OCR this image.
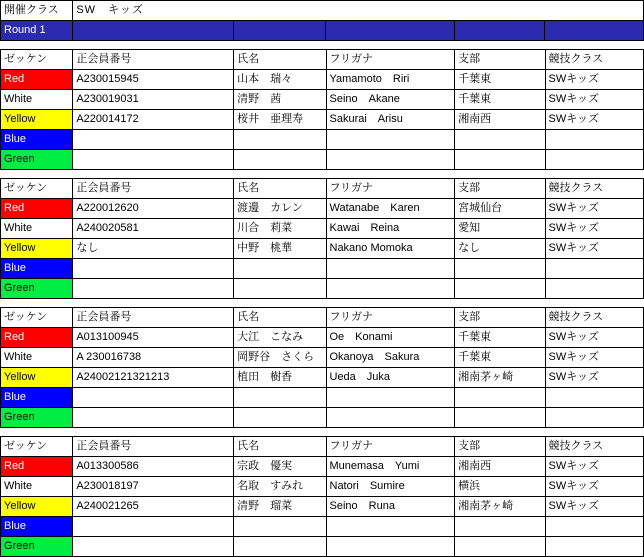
開催クラス	SW　キッズ				
Round 1					
ゼッケン	正会員番号	氏名	フリガナ	支部	競技クラス
Red	A230015945	山本　瑞々	Yamamoto　Riri	千葉東	SWキッズ
White	A230019031	清野　茜	Seino　Akane	千葉東	SWキッズ
Yellow	A220014172	桜井　亜理寿	Sakurai　Arisu	湘南西	SWキッズ
Blue					
Green					
ゼッケン	正会員番号	氏名	フリガナ	支部	競技クラス
Red	A220012620	渡邊　カレン	Watanabe　Karen	宮城仙台	SWキッズ
White	A240020581	川合　莉菜	Kawai　Reina	愛知	SWキッズ
Yellow	なし	中野　桃華	Nakano Momoka	なし	SWキッズ
Blue					
Green					
ゼッケン	正会員番号	氏名	フリガナ	支部	競技クラス
Red	A013100945	大江　こなみ	Oe　Konami	千葉東	SWキッズ
White	A 230016738	岡野谷　さくら	Okanoya　Sakura	千葉東	SWキッズ
Yellow	A24002121321213	植田　樹香	Ueda　Juka	湘南茅ヶ崎	SWキッズ
Blue					
Green					
ゼッケン	正会員番号	氏名	フリガナ	支部	競技クラス
Red	A013300586	宗政　優実	Munemasa　Yumi	湘南西	SWキッズ
White	A230018197	名取　すみれ	Natori　Sumire	横浜	SWキッズ
Yellow	A240021265	清野　瑠菜	Seino　Runa	湘南茅ヶ崎	SWキッズ
Blue					
Green					
